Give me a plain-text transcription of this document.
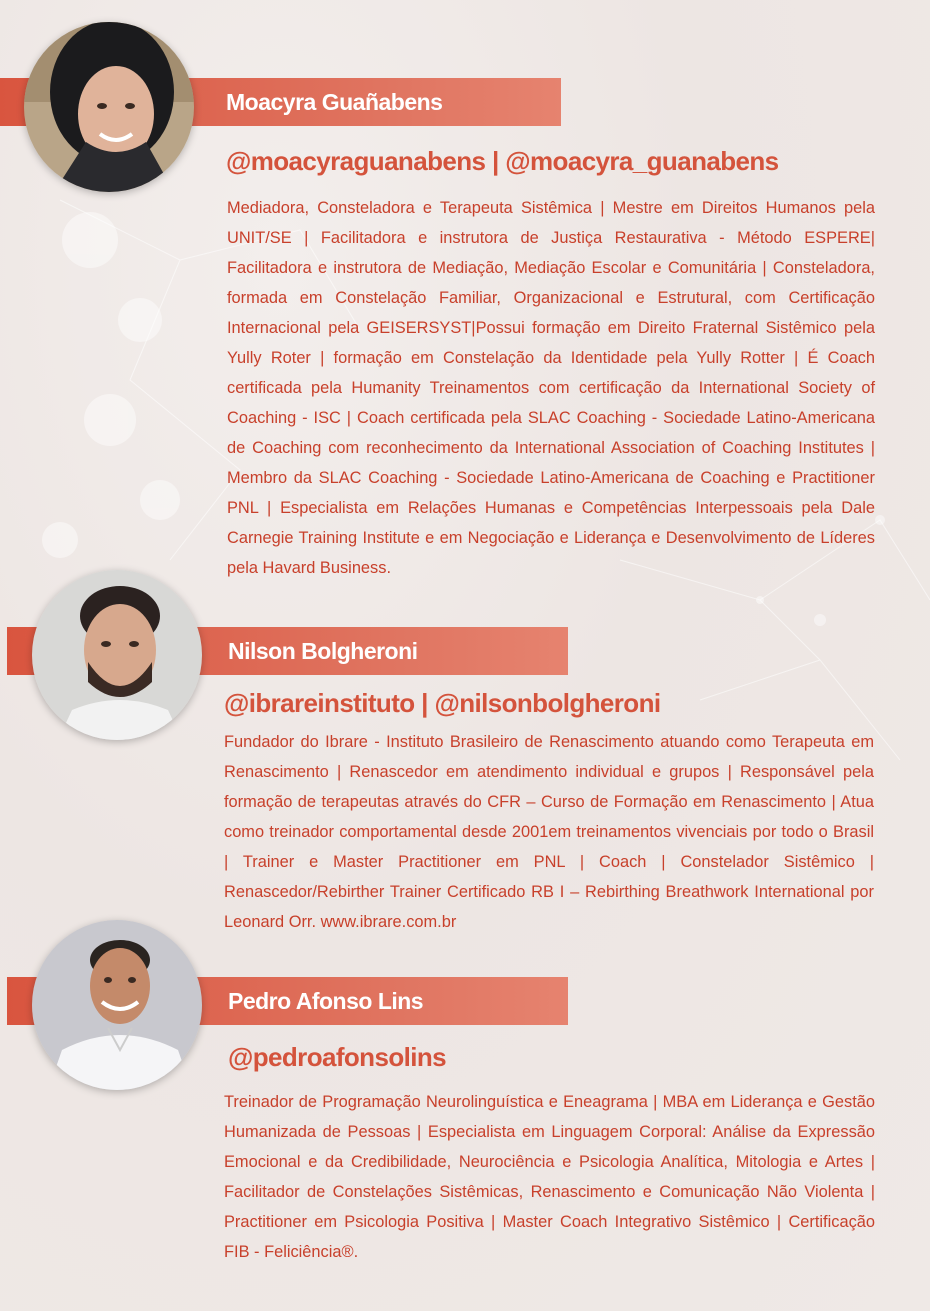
Moacyra Guañabens
@moacyraguanabens | @moacyra_guanabens

Mediadora, Consteladora e Terapeuta Sistêmica | Mestre em Direitos Humanos pela UNIT/SE | Facilitadora e instrutora de Justiça Restaurativa - Método ESPERE| Facilitadora e instrutora de Mediação, Mediação Escolar e Comunitária | Consteladora, formada em Constelação Familiar, Organizacional e Estrutural, com Certificação Internacional pela GEISERSYST|Possui formação em Direito Fraternal Sistêmico pela Yully Roter | formação em Constelação da Identidade pela Yully Rotter | É Coach certificada pela Humanity Treinamentos com certificação da International Society of Coaching - ISC | Coach certificada pela SLAC Coaching - Sociedade Latino-Americana de Coaching com reconhecimento da International Association of Coaching Institutes | Membro da SLAC Coaching - Sociedade Latino-Americana de Coaching e Practitioner PNL | Especialista em Relações Humanas e Competências Interpessoais pela Dale Carnegie Training Institute e em Negociação e Liderança e Desenvolvimento de Líderes pela Havard Business.

Nilson Bolgheroni
@ibrareinstituto | @nilsonbolgheroni

Fundador do Ibrare - Instituto Brasileiro de Renascimento atuando como Terapeuta em Renascimento | Renascedor em atendimento individual e grupos | Responsável pela formação de terapeutas através do CFR – Curso de Formação em Renascimento | Atua como treinador comportamental desde 2001em treinamentos vivenciais por todo o Brasil | Trainer e Master Practitioner em PNL | Coach | Constelador Sistêmico | Renascedor/Rebirther Trainer Certificado RB I – Rebirthing Breathwork International por Leonard Orr. www.ibrare.com.br

Pedro Afonso Lins
@pedroafonsolins

Treinador de Programação Neurolinguística e Eneagrama | MBA em Liderança e Gestão Humanizada de Pessoas | Especialista em Linguagem Corporal: Análise da Expressão Emocional e da Credibilidade, Neurociência e Psicologia Analítica, Mitologia e Artes | Facilitador de Constelações Sistêmicas, Renascimento e Comunicação Não Violenta | Practitioner em Psicologia Positiva | Master Coach Integrativo Sistêmico | Certificação FIB - Feliciência®.
